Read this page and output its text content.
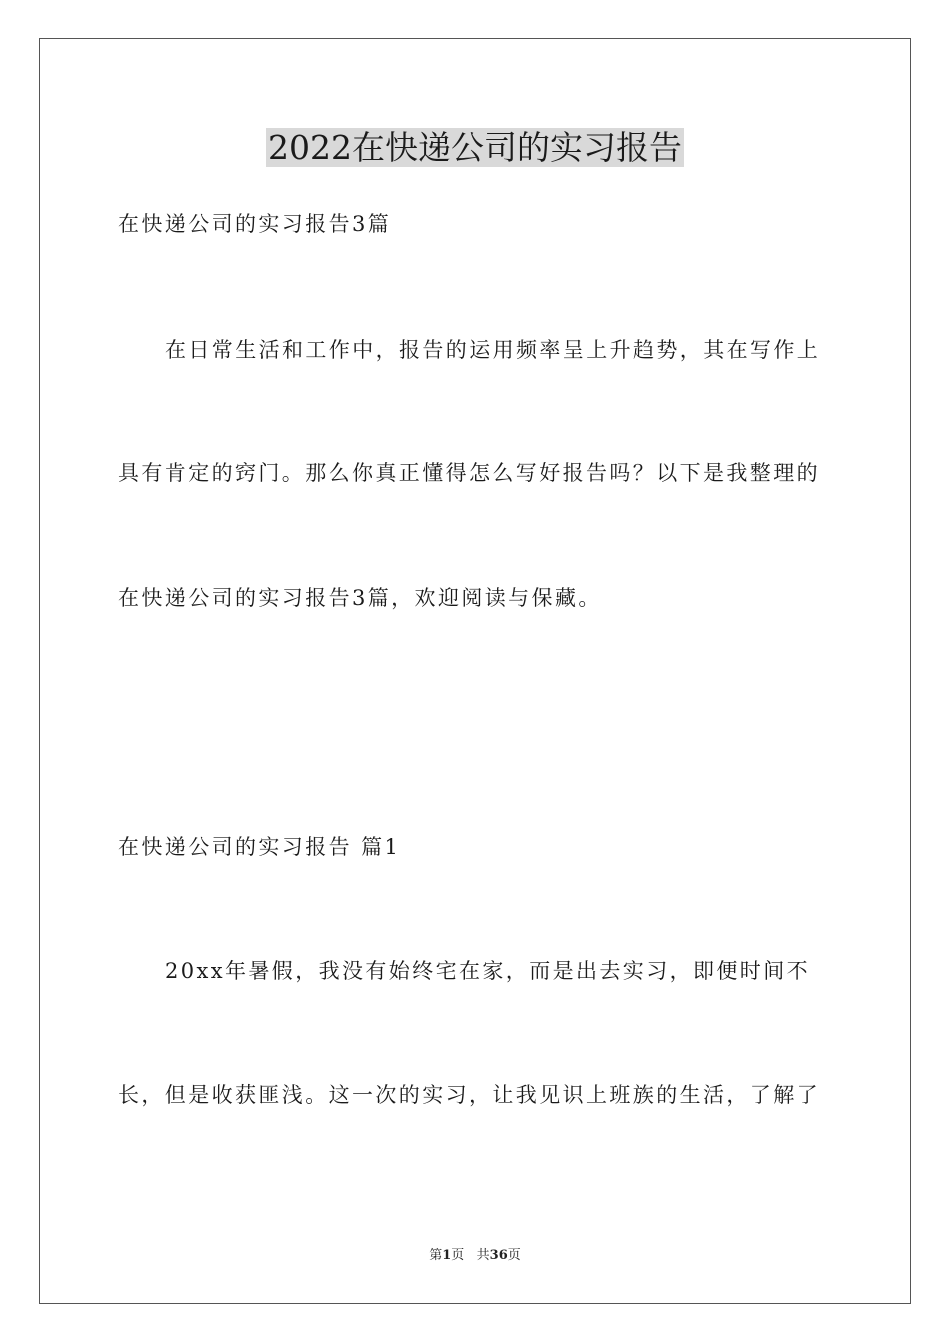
2022在快递公司的实习报告

在快递公司的实习报告3篇

在日常生活和工作中，报告的运用频率呈上升趋势，其在写作上

具有肯定的窍门。那么你真正懂得怎么写好报告吗？以下是我整理的

在快递公司的实习报告3篇，欢迎阅读与保藏。

在快递公司的实习报告 篇1

20xx年暑假，我没有始终宅在家，而是出去实习，即便时间不

长，但是收获匪浅。这一次的实习，让我见识上班族的生活，了解了

第1页   共36页
